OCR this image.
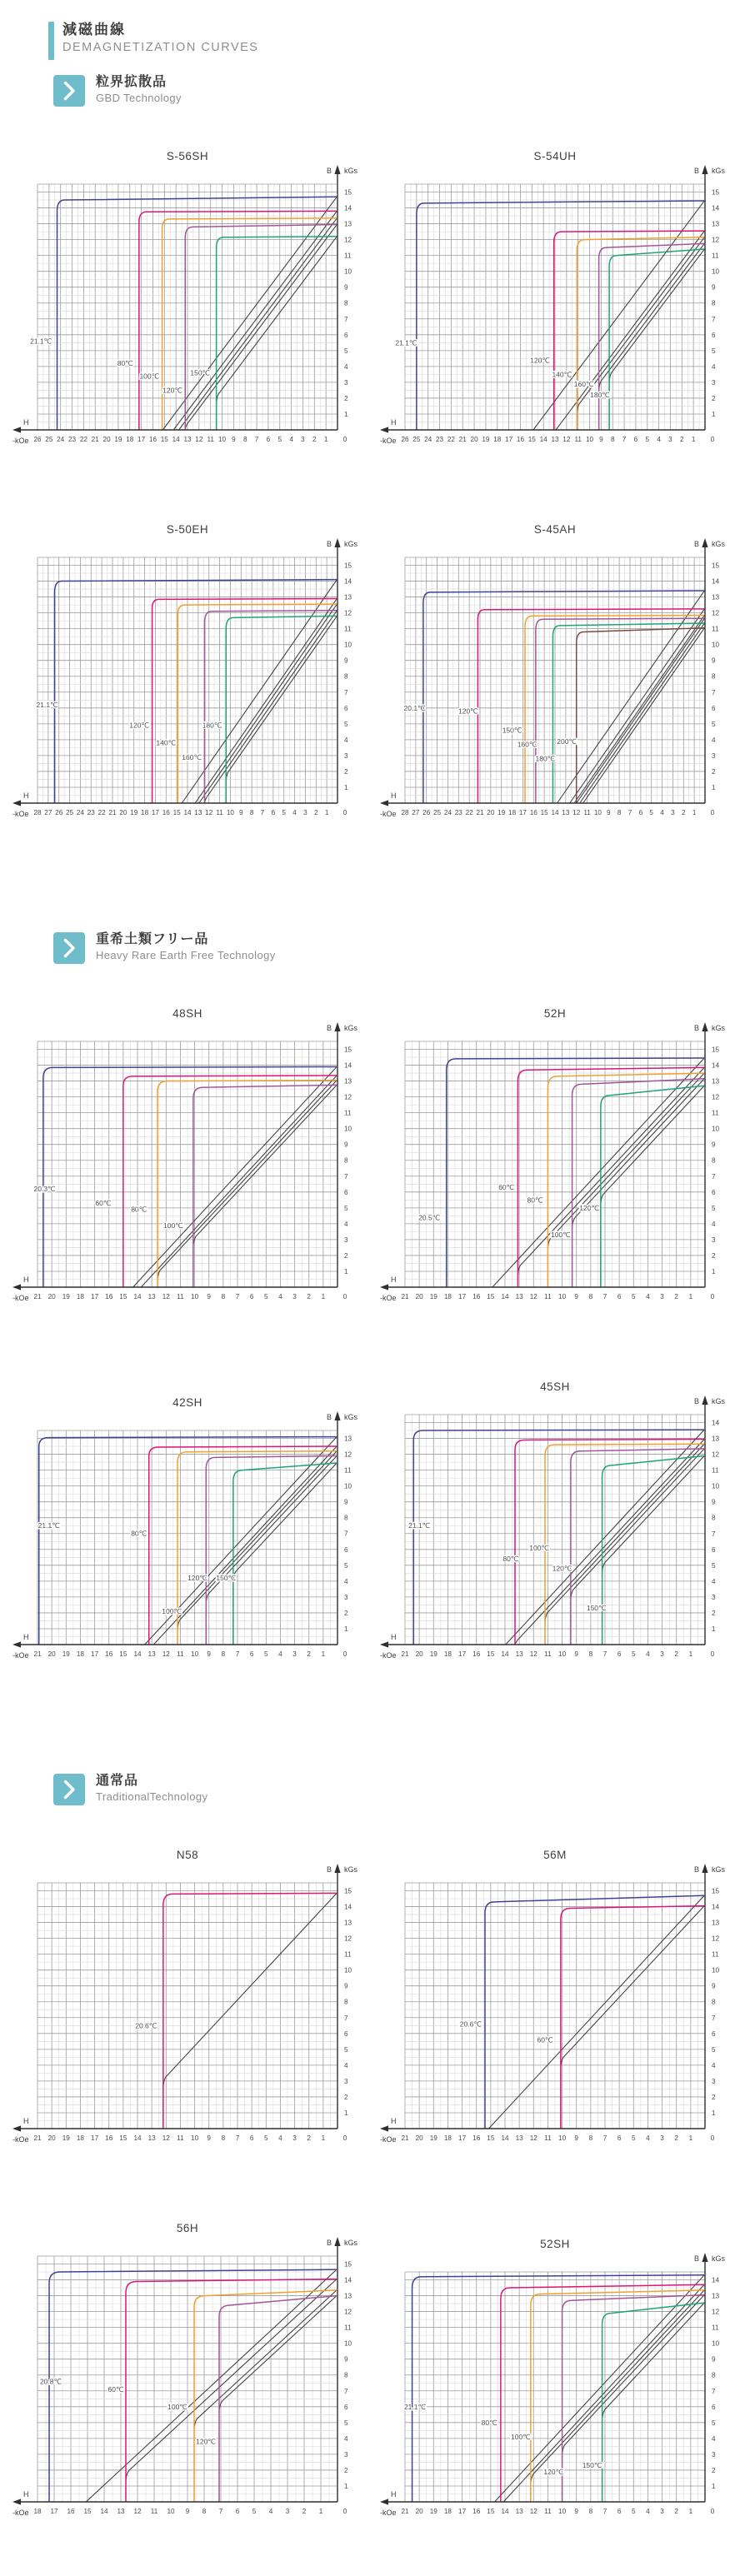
減磁曲線
DEMAGNETIZATION CURVES
粒界拡散品
GBD Technology
S-56SH
B kGs
H
-kOe 26 25 24 23 22 21 20 19 18 17 16 15 14 13 12 11 10 9 8 7 6 5 4 3 2 1 0
1
2
3
4
5
6
7
8
9
10
11
12
13
14
15
21.1℃
80℃
100℃
120℃
150℃
S-54UH
B kGs
H
-kOe 26 25 24 23 22 21 20 19 18 17 16 15 14 13 12 11 10 9 8 7 6 5 4 3 2 1 0
1
2
3
4
5
6
7
8
9
10
11
12
13
14
15
21.1℃
120℃
140℃
160℃
180℃
S-50EH
B kGs
H
-kOe 28 27 26 25 24 23 22 21 20 19 18 17 16 15 14 13 12 11 10 9 8 7 6 5 4 3 2 1 0
1
2
3
4
5
6
7
8
9
10
11
12
13
14
15
21.1℃
120℃
140℃
160℃
180℃
S-45AH
B kGs
H
-kOe 28 27 26 25 24 23 22 21 20 19 18 17 16 15 14 13 12 11 10 9 8 7 6 5 4 3 2 1 0
1
2
3
4
5
6
7
8
9
10
11
12
13
14
15
20.1℃	120℃
150℃
160℃
180℃
200℃
重希土類フリー品
Heavy Rare Earth Free Technology
48SH
B kGs
H
-kOe 21 20 19 18 17 16 15 14 13 12 11 10 9 8 7 6 5 4 3 2 1	0
1
2
3
4
5
6
7
8
9
10
11
12
13
14
15
20.3℃
60℃
80℃
100℃
52H
B kGs
H
-kOe 21 20 19 18 17 16 15 14 13 12 11 10 9 8 7 6 5 4 3 2 1	0
1
2
3
4
5
6
7
8
9
10
11
12
13
14
15
20.5℃
60℃
80℃
100℃
120℃
42SH
B kGs
H
-kOe 21 20 19 18 17 16 15 14 13 12 11 10 9 8 7 6 5 4 3 2 1	0
1
2
3
4
5
6
7
8
9
10
11
12
13
21.1℃
80℃
100℃
120℃ 150℃
45SH
B kGs
H
-kOe 21 20 19 18 17 16 15 14 13 12 11 10 9 8 7 6 5 4 3 2 1	0
1
2
3
4
5
6
7
8
9
10
11
12
13
14
21.1℃
80℃
100℃
120℃
150℃
通常品
TraditionalTechnology
N58
B kGs
H
-kOe 21 20 19 18 17 16 15 14 13 12 11 10 9 8 7 6 5 4 3 2 1	0
1
2
3
4
5
6
7
8
9
10
11
12
13
14
15
20.6℃
56M
B kGs
H
-kOe 21 20 19 18 17 16 15 14 13 12 11 10 9 8 7 6 5 4 3 2 1	0
1
2
3
4
5
6
7
8
9
10
11
12
13
14
15
20.6℃
60℃
56H
B kGs
H
-kOe 18 17 16 15 14 13 12 11 10 9 8 7 6 5 4 3 2 1	0
1
2
3
4
5
6
7
8
9
10
11
12
13
14
15
20.8℃
60℃
100℃
120℃
52SH
B kGs
H
-kOe 21 20 19 18 17 16 15 14 13 12 11 10 9 8 7 6 5 4 3 2 1	0
1
2
3
4
5
6
7
8
9
10
11
12
13
14
21.1℃
80℃
100℃
120℃
150℃
